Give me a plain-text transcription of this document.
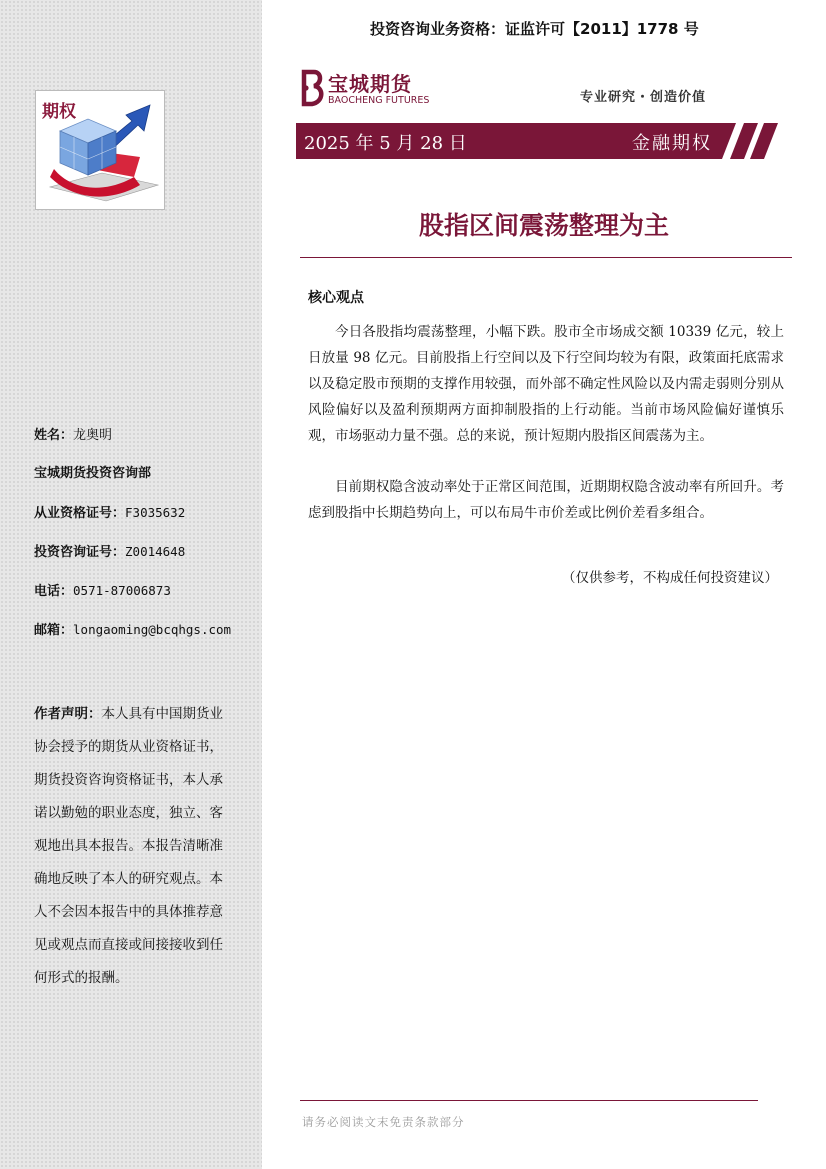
期权
姓名：龙奥明
宝城期货投资咨询部
从业资格证号：F3035632
投资咨询证号：Z0014648
电话：0571-87006873
邮箱：longaoming@bcqhgs.com
作者声明：本人具有中国期货业协会授予的期货从业资格证书，期货投资咨询资格证书，本人承诺以勤勉的职业态度，独立、客观地出具本报告。本报告清晰准确地反映了本人的研究观点。本人不会因本报告中的具体推荐意见或观点而直接或间接接收到任何形式的报酬。
投资咨询业务资格：证监许可【2011】1778 号
宝城期货
BAOCHENG FUTURES	专业研究・创造价值
2025 年 5 月 28 日	金融期权
股指区间震荡整理为主
核心观点
今日各股指均震荡整理，小幅下跌。股市全市场成交额 10339 亿元，较上日放量 98 亿元。目前股指上行空间以及下行空间均较为有限，政策面托底需求以及稳定股市预期的支撑作用较强，而外部不确定性风险以及内需走弱则分别从风险偏好以及盈利预期两方面抑制股指的上行动能。当前市场风险偏好谨慎乐观，市场驱动力量不强。总的来说，预计短期内股指区间震荡为主。
目前期权隐含波动率处于正常区间范围，近期期权隐含波动率有所回升。考虑到股指中长期趋势向上，可以布局牛市价差或比例价差看多组合。
（仅供参考，不构成任何投资建议）
请务必阅读文末免责条款部分
